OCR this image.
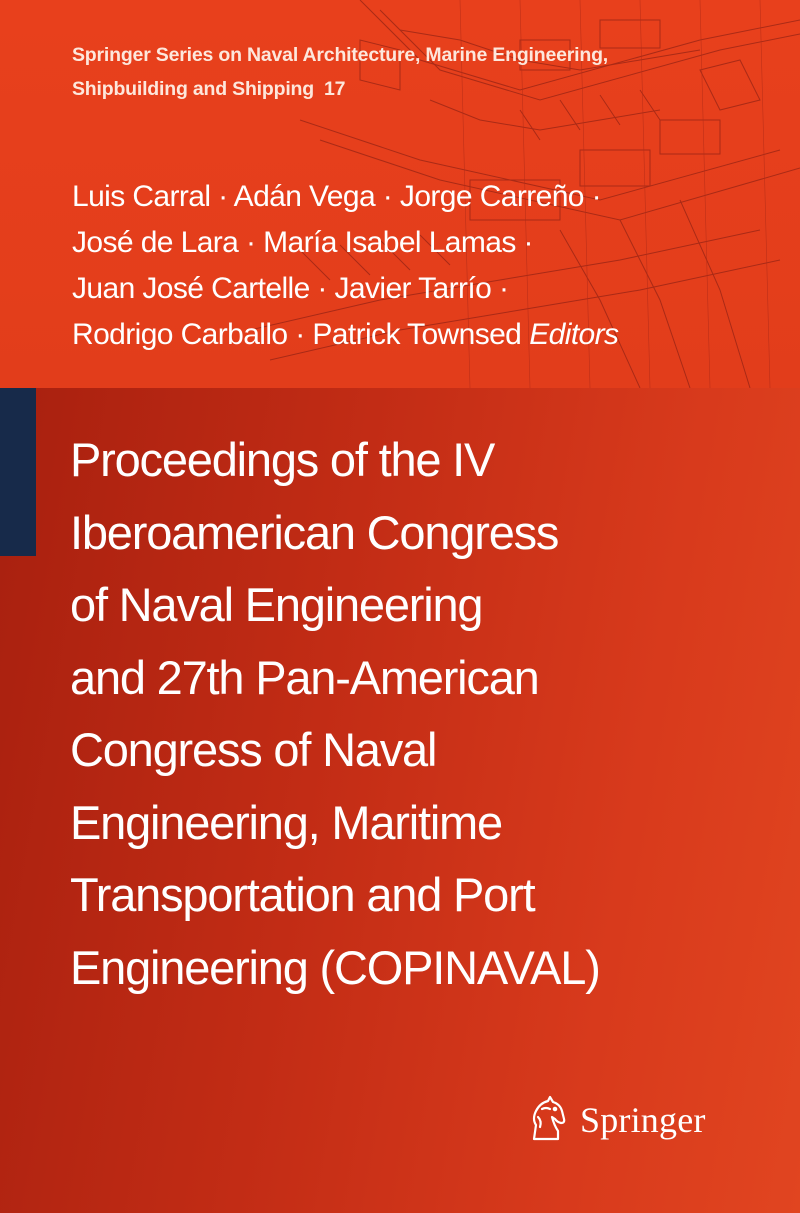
Springer Series on Naval Architecture, Marine Engineering,
Shipbuilding and Shipping 17
Luis Carral · Adán Vega · Jorge Carreño ·
José de Lara · María Isabel Lamas ·
Juan José Cartelle · Javier Tarrío ·
Rodrigo Carballo · Patrick Townsed Editors
Proceedings of the IV
Iberoamerican Congress
of Naval Engineering
and 27th Pan-American
Congress of Naval
Engineering, Maritime
Transportation and Port
Engineering (COPINAVAL)
Springer
